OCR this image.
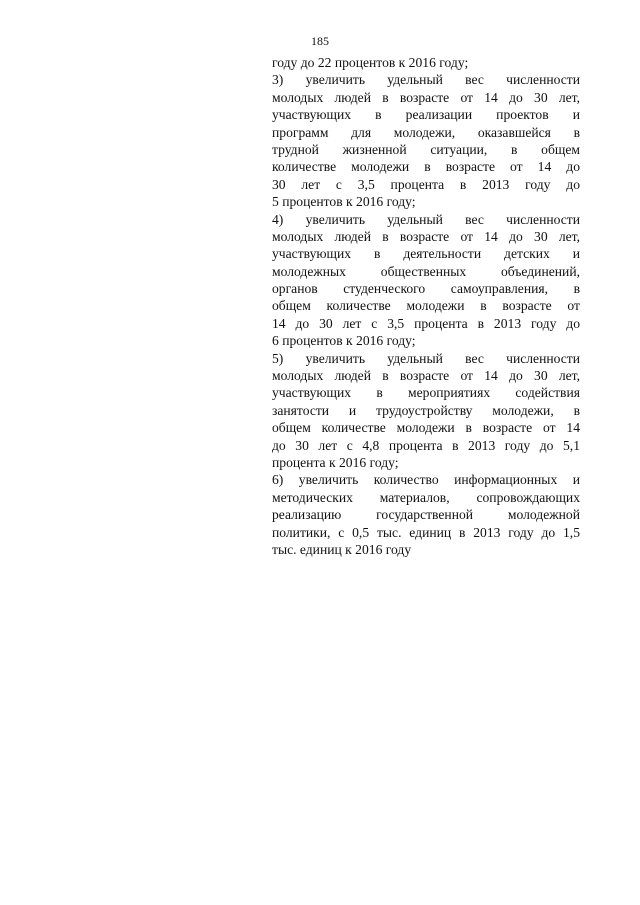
185
году до 22 процентов к 2016 году;
3) увеличить удельный вес численности
молодых людей в возрасте от 14 до 30 лет,
участвующих в реализации проектов и
программ для молодежи, оказавшейся в
трудной жизненной ситуации, в общем
количестве молодежи в возрасте от 14 до
30 лет с 3,5 процента в 2013 году до
5 процентов к 2016 году;
4) увеличить удельный вес численности
молодых людей в возрасте от 14 до 30 лет,
участвующих в деятельности детских и
молодежных общественных объединений,
органов студенческого самоуправления, в
общем количестве молодежи в возрасте от
14 до 30 лет с 3,5 процента в 2013 году до
6 процентов к 2016 году;
5) увеличить удельный вес численности
молодых людей в возрасте от 14 до 30 лет,
участвующих в мероприятиях содействия
занятости и трудоустройству молодежи, в
общем количестве молодежи в возрасте от 14
до 30 лет с 4,8 процента в 2013 году до 5,1
процента к 2016 году;
6) увеличить количество информационных и
методических материалов, сопровождающих
реализацию государственной молодежной
политики, с 0,5 тыс. единиц в 2013 году до 1,5
тыс. единиц к 2016 году
